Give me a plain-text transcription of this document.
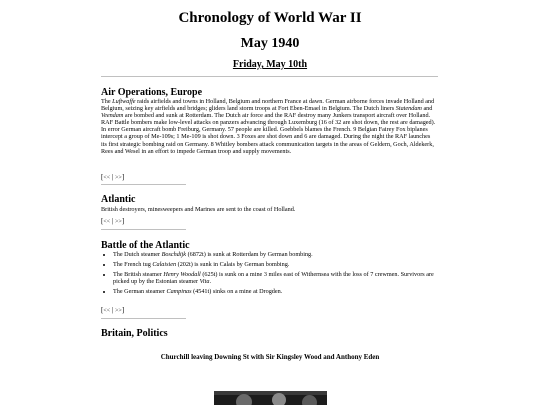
Chronology of World War II
May 1940
Friday, May 10th
Air Operations, Europe

The Luftwaffe raids airfields and towns in Holland, Belgium and northern France at dawn. German airborne forces invade Holland and Belgium, seizing key airfields and bridges; gliders land storm troops at Fort Eben-Emael in Belgium. The Dutch liners Statendam and Veendam are bombed and sunk at Rotterdam. The Dutch air force and the RAF destroy many Junkers transport aircraft over Holland. RAF Battle bombers make low-level attacks on panzers advancing through Luxemburg (16 of 32 are shot down, the rest are damaged). In error German aircraft bomb Freiburg, Germany. 57 people are killed. Goebbels blames the French. 9 Belgian Fairey Fox biplanes intercept a group of Me-109s; 1 Me-109 is shot down. 3 Foxes are shot down and 6 are damaged. During the night the RAF launches its first strategic bombing raid on Germany. 8 Whitley bombers attack communication targets in the areas of Geldern, Goch, Aldekerk, Rees and Wesel in an effort to impede German troop and supply movements.

[<< | >>]
Atlantic

British destroyers, minesweepers and Marines are sent to the coast of Holland.

[<< | >>]
Battle of the Atlantic
• The Dutch steamer Boschdijk (6872t) is sunk at Rotterdam by German bombing.
• The French tug Calaisien (202t) is sunk in Calais by German bombing.
• The British steamer Henry Woodall (625t) is sunk on a mine 3 miles east of Withernsea with the loss of 7 crewmen. Survivors are picked up by the Estonian steamer Vita.
• The German steamer Campinas (4541t) sinks on a mine at Drogden.
[<< | >>]
Britain, Politics
Churchill leaving Downing St with Sir Kingsley Wood and Anthony Eden
